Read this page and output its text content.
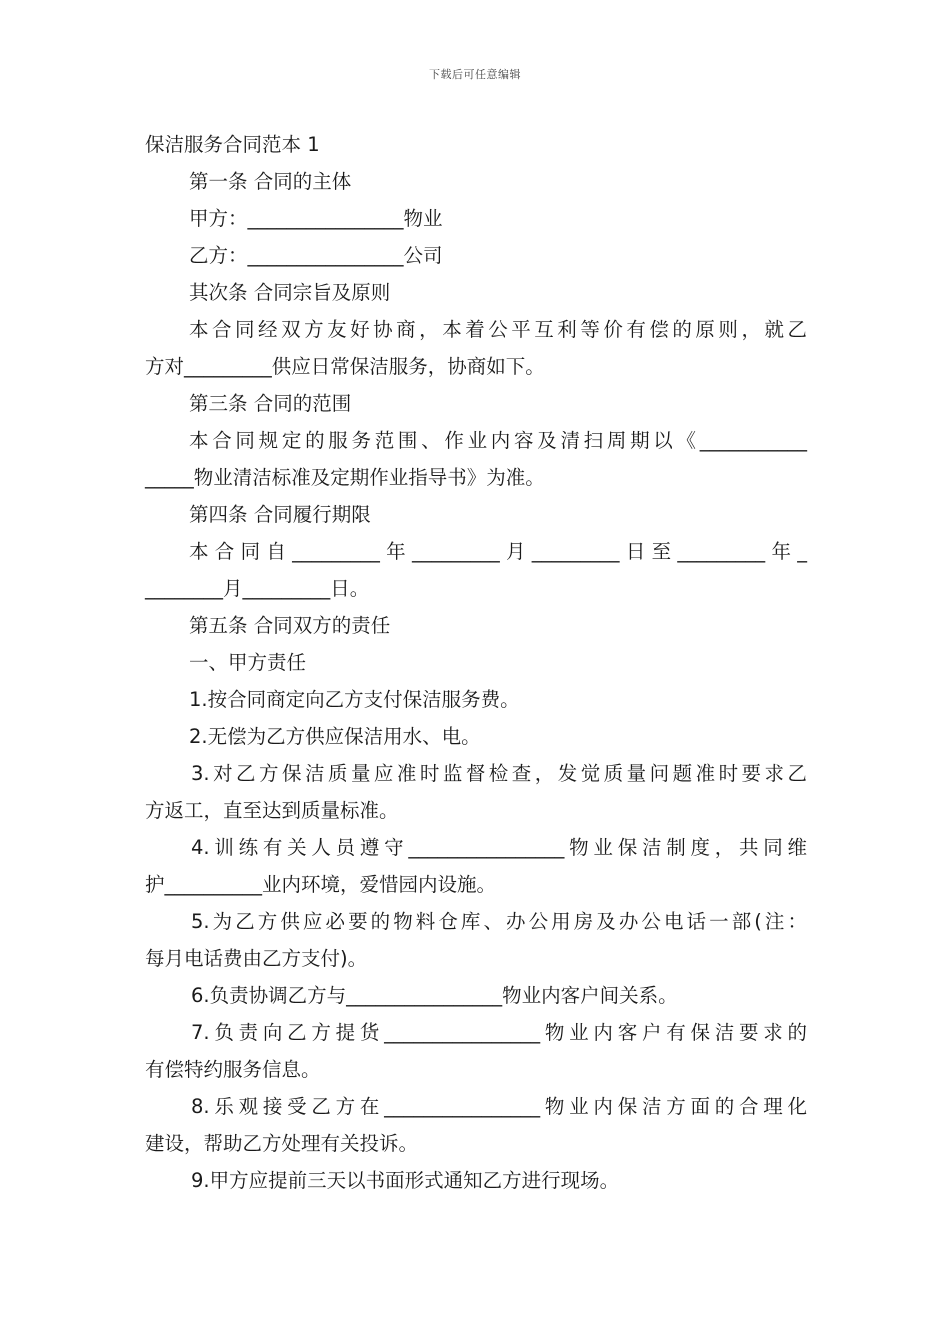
下载后可任意编辑
保洁服务合同范本 1
第一条 合同的主体
甲方：________________物业
乙方：________________公司
其次条 合同宗旨及原则
本合同经双方友好协商，本着公平互利等价有偿的原则，就乙
方对_________供应日常保洁服务，协商如下。
第三条 合同的范围
本合同规定的服务范围、作业内容及清扫周期以《___________
_____物业清洁标准及定期作业指导书》为准。
第四条 合同履行期限
本合同自_________年_________月_________日至_________年_
________月_________日。
第五条 合同双方的责任
一、甲方责任
1.按合同商定向乙方支付保洁服务费。
2.无偿为乙方供应保洁用水、电。
3.对乙方保洁质量应准时监督检查，发觉质量问题准时要求乙
方返工，直至达到质量标准。
4.训练有关人员遵守________________物业保洁制度，共同维
护__________业内环境，爱惜园内设施。
5.为乙方供应必要的物料仓库、办公用房及办公电话一部(注：
每月电话费由乙方支付)。
6.负责协调乙方与________________物业内客户间关系。
7.负责向乙方提货________________物业内客户有保洁要求的
有偿特约服务信息。
8.乐观接受乙方在________________物业内保洁方面的合理化
建设，帮助乙方处理有关投诉。
9.甲方应提前三天以书面形式通知乙方进行现场。
